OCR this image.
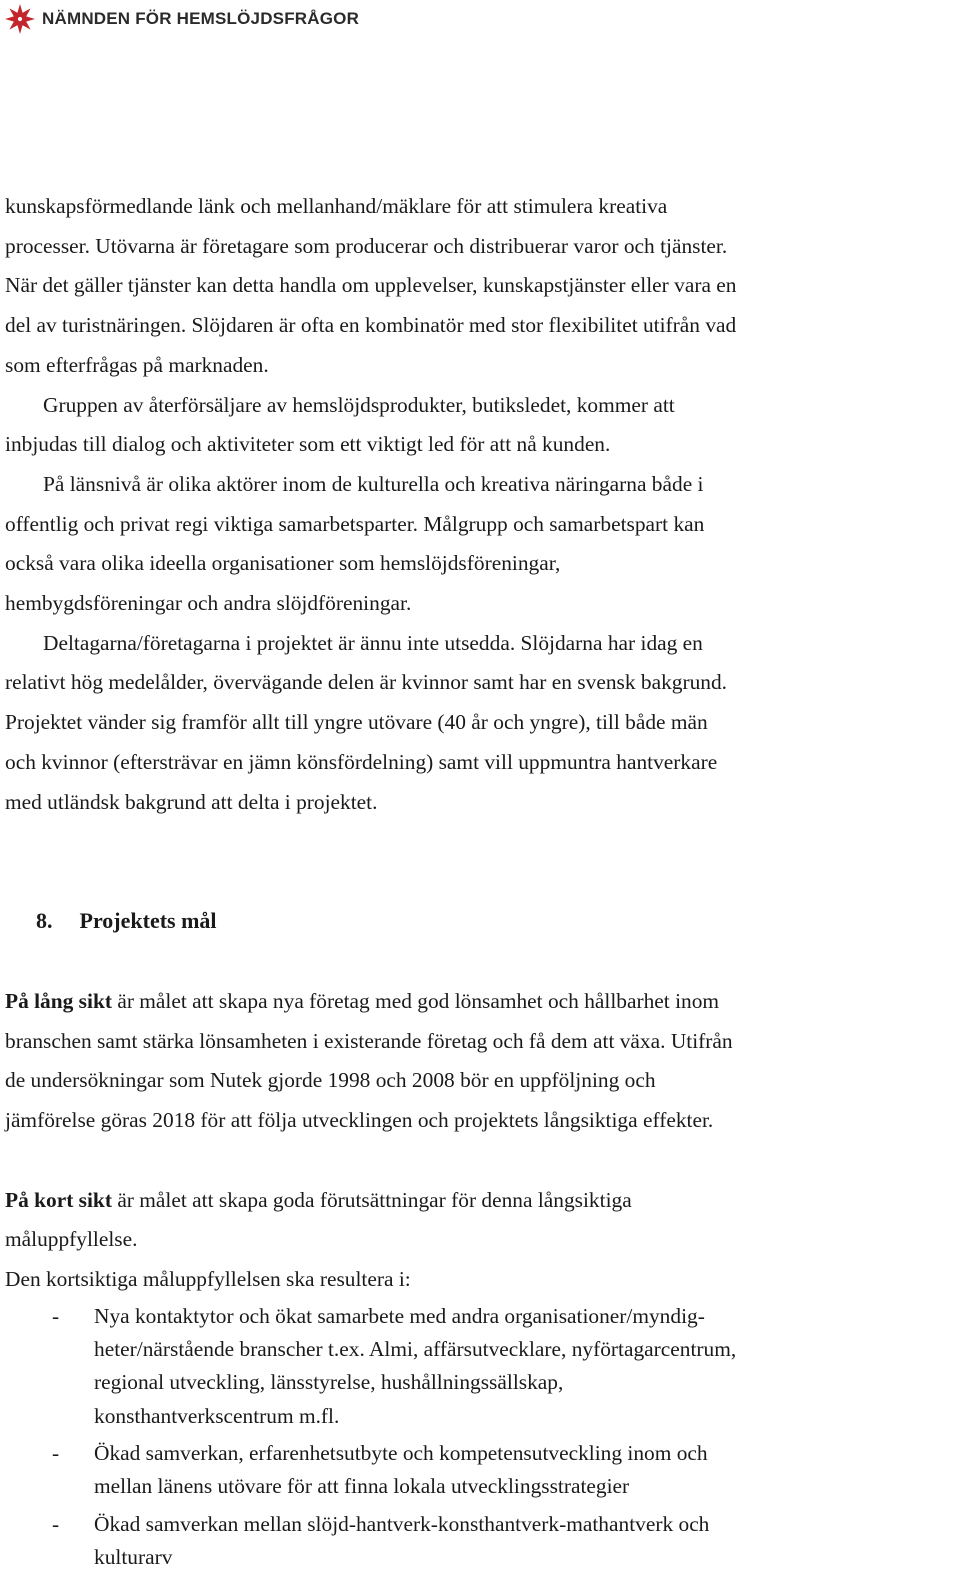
NÄMNDEN FÖR HEMSLÖJDSFRÅGOR

kunskapsförmedlande länk och mellanhand/mäklare för att stimulera kreativa

processer. Utövarna är företagare som producerar och distribuerar varor och tjänster.

När det gäller tjänster kan detta handla om upplevelser, kunskapstjänster eller vara en

del av turistnäringen. Slöjdaren är ofta en kombinatör med stor flexibilitet utifrån vad

som efterfrågas på marknaden.

Gruppen av återförsäljare av hemslöjdsprodukter, butiksledet, kommer att

inbjudas till dialog och aktiviteter som ett viktigt led för att nå kunden.

På länsnivå är olika aktörer inom de kulturella och kreativa näringarna både i

offentlig och privat regi viktiga samarbetsparter. Målgrupp och samarbetspart kan

också vara olika ideella organisationer som hemslöjdsföreningar,

hembygdsföreningar och andra slöjdföreningar.

Deltagarna/företagarna i projektet är ännu inte utsedda. Slöjdarna har idag en

relativt hög medelålder, övervägande delen är kvinnor samt har en svensk bakgrund.

Projektet vänder sig framför allt till yngre utövare (40 år och yngre), till både män

och kvinnor (eftersträvar en jämn könsfördelning) samt vill uppmuntra hantverkare

med utländsk bakgrund att delta i projektet.

8. Projektets mål

På lång sikt är målet att skapa nya företag med god lönsamhet och hållbarhet inom

branschen samt stärka lönsamheten i existerande företag och få dem att växa. Utifrån

de undersökningar som Nutek gjorde 1998 och 2008 bör en uppföljning och

jämförelse göras 2018 för att följa utvecklingen och projektets långsiktiga effekter.

På kort sikt är målet att skapa goda förutsättningar för denna långsiktiga

måluppfyllelse.

Den kortsiktiga måluppfyllelsen ska resultera i:

-	Nya kontaktytor och ökat samarbete med andra organisationer/myndig-
heter/närstående branscher t.ex. Almi, affärsutvecklare, nyförtagarcentrum,
regional utveckling, länsstyrelse, hushållningssällskap,
konsthantverkscentrum m.fl.
-	Ökad samverkan, erfarenhetsutbyte och kompetensutveckling inom och
mellan länens utövare för att finna lokala utvecklingsstrategier
-	Ökad samverkan mellan slöjd-hantverk-konsthantverk-mathantverk och
kulturarv
